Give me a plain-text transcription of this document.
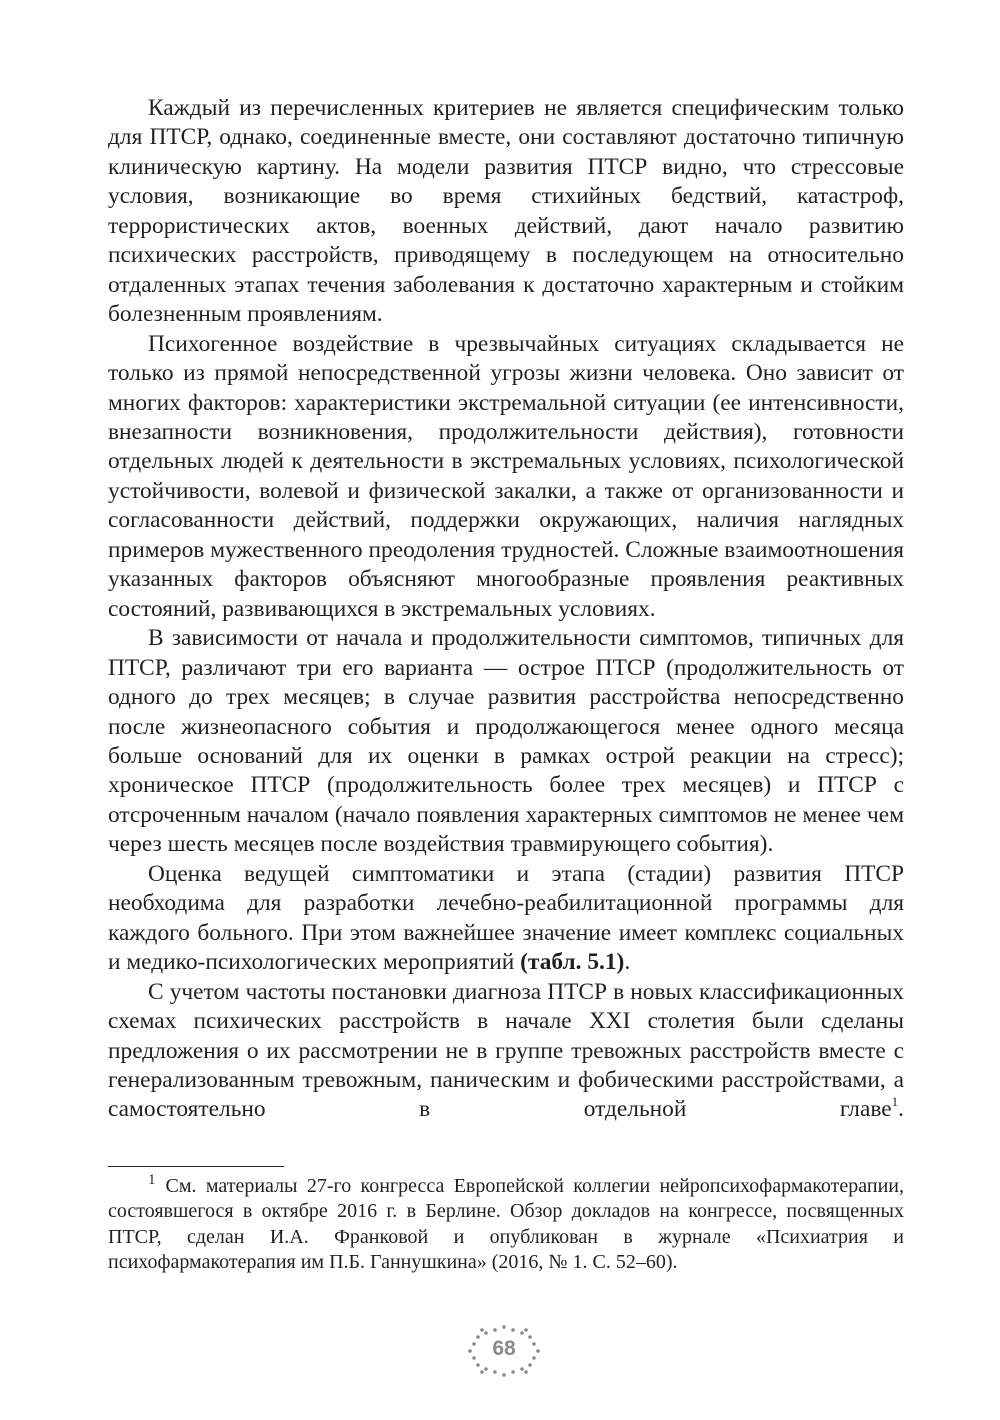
Каждый из перечисленных критериев не является специфическим только для ПТСР, однако, соединенные вместе, они составляют достаточно типичную клиническую картину. На модели развития ПТСР видно, что стрессовые условия, возникающие во время стихийных бедствий, катастроф, террористических актов, военных действий, дают начало развитию психических расстройств, приводящему в последующем на относительно отдаленных этапах течения заболевания к достаточно характерным и стойким болезненным проявлениям.

Психогенное воздействие в чрезвычайных ситуациях складывается не только из прямой непосредственной угрозы жизни человека. Оно зависит от многих факторов: характеристики экстремальной ситуации (ее интенсивности, внезапности возникновения, продолжительности действия), готовности отдельных людей к деятельности в экстремальных условиях, психологической устойчивости, волевой и физической закалки, а также от организованности и согласованности действий, поддержки окружающих, наличия наглядных примеров мужественного преодоления трудностей. Сложные взаимоотношения указанных факторов объясняют многообразные проявления реактивных состояний, развивающихся в экстремальных условиях.

В зависимости от начала и продолжительности симптомов, типичных для ПТСР, различают три его варианта — острое ПТСР (продолжительность от одного до трех месяцев; в случае развития расстройства непосредственно после жизнеопасного события и продолжающегося менее одного месяца больше оснований для их оценки в рамках острой реакции на стресс); хроническое ПТСР (продолжительность более трех месяцев) и ПТСР с отсроченным началом (начало появления характерных симптомов не менее чем через шесть месяцев после воздействия травмирующего события).

Оценка ведущей симптоматики и этапа (стадии) развития ПТСР необходима для разработки лечебно-реабилитационной программы для каждого больного. При этом важнейшее значение имеет комплекс социальных и медико-психологических мероприятий (табл. 5.1).

С учетом частоты постановки диагноза ПТСР в новых классификационных схемах психических расстройств в начале XXI столетия были сделаны предложения о их рассмотрении не в группе тревожных расстройств вместе с генерализованным тревожным, паническим и фобическими расстройствами, а самостоятельно в отдельной главе$^1$.

$^1$ См. материалы 27-го конгресса Европейской коллегии нейропсихофармакотерапии, состоявшегося в октябре 2016 г. в Берлине. Обзор докладов на конгрессе, посвященных ПТСР, сделан И.А. Франковой и опубликован в журнале «Психиатрия и психофармакотерапия им П.Б. Ганнушкина» (2016, № 1. С. 52–60).

68
